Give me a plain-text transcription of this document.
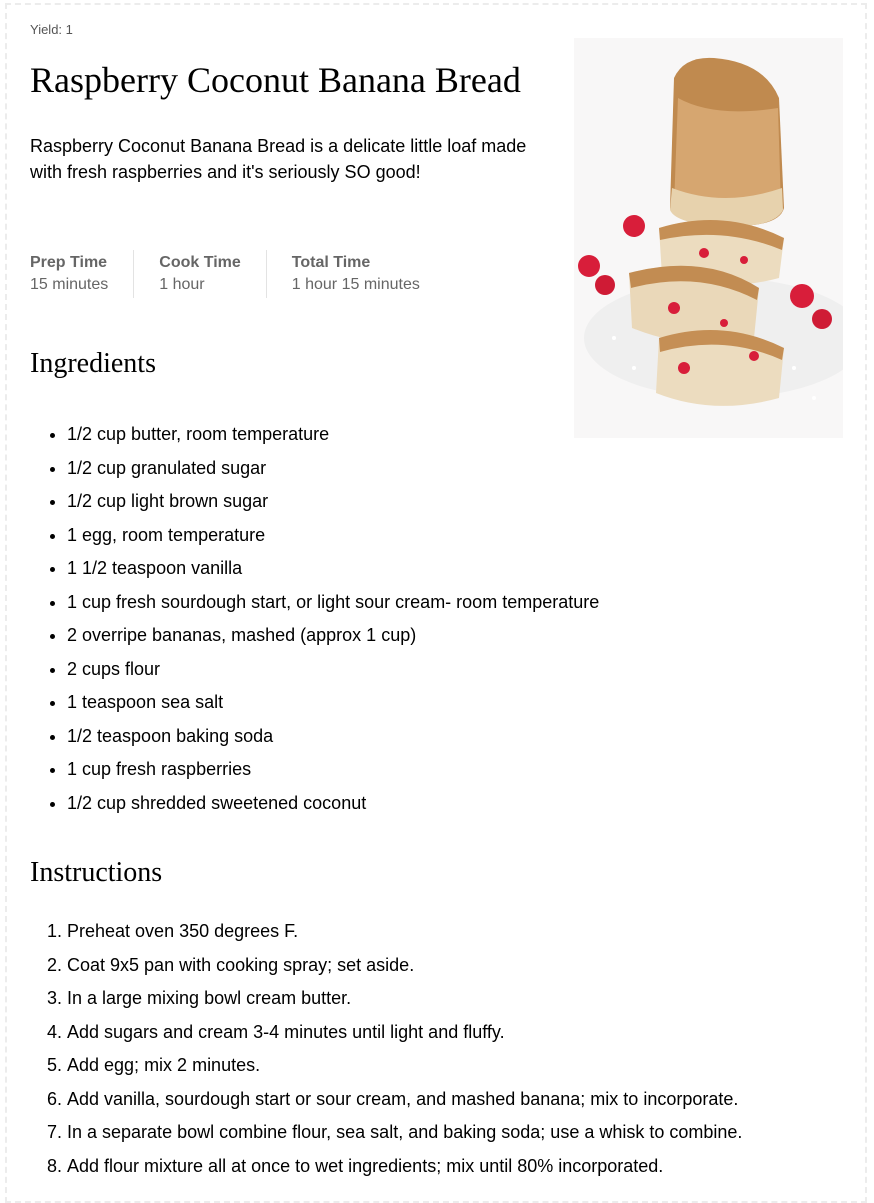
Yield: 1
Raspberry Coconut Banana Bread

Raspberry Coconut Banana Bread is a delicate little loaf made with fresh raspberries and it's seriously SO good!

Prep Time
15 minutes
Cook Time
1 hour
Total Time
1 hour 15 minutes
Ingredients
• 1/2 cup butter, room temperature
• 1/2 cup granulated sugar
• 1/2 cup light brown sugar
• 1 egg, room temperature
• 1 1/2 teaspoon vanilla
• 1 cup fresh sourdough start, or light sour cream- room temperature
• 2 overripe bananas, mashed (approx 1 cup)
• 2 cups flour
• 1 teaspoon sea salt
• 1/2 teaspoon baking soda
• 1 cup fresh raspberries
• 1/2 cup shredded sweetened coconut
Instructions
1. Preheat oven 350 degrees F.
2. Coat 9x5 pan with cooking spray; set aside.
3. In a large mixing bowl cream butter.
4. Add sugars and cream 3-4 minutes until light and fluffy.
5. Add egg; mix 2 minutes.
6. Add vanilla, sourdough start or sour cream, and mashed banana; mix to incorporate.
7. In a separate bowl combine flour, sea salt, and baking soda; use a whisk to combine.
8. Add flour mixture all at once to wet ingredients; mix until 80% incorporated.
